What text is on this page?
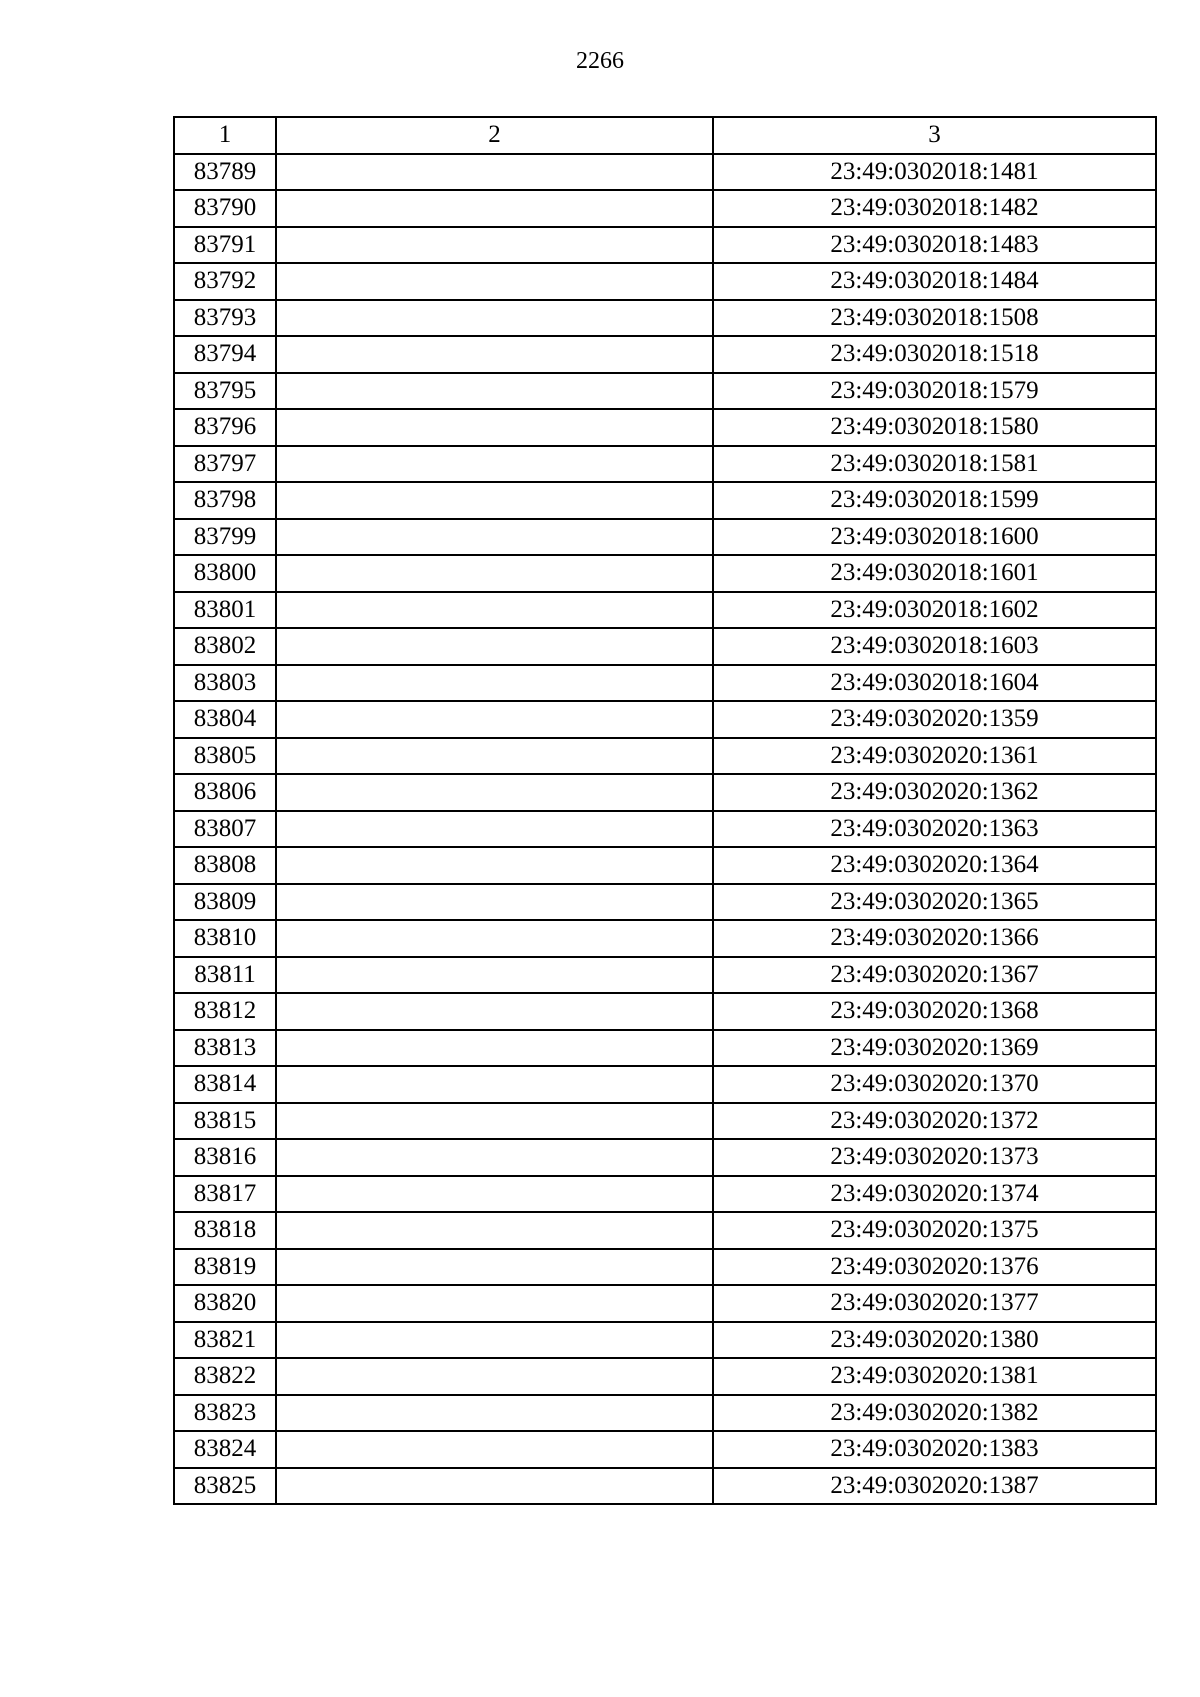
2266
1	2	3
83789		23:49:0302018:1481
83790		23:49:0302018:1482
83791		23:49:0302018:1483
83792		23:49:0302018:1484
83793		23:49:0302018:1508
83794		23:49:0302018:1518
83795		23:49:0302018:1579
83796		23:49:0302018:1580
83797		23:49:0302018:1581
83798		23:49:0302018:1599
83799		23:49:0302018:1600
83800		23:49:0302018:1601
83801		23:49:0302018:1602
83802		23:49:0302018:1603
83803		23:49:0302018:1604
83804		23:49:0302020:1359
83805		23:49:0302020:1361
83806		23:49:0302020:1362
83807		23:49:0302020:1363
83808		23:49:0302020:1364
83809		23:49:0302020:1365
83810		23:49:0302020:1366
83811		23:49:0302020:1367
83812		23:49:0302020:1368
83813		23:49:0302020:1369
83814		23:49:0302020:1370
83815		23:49:0302020:1372
83816		23:49:0302020:1373
83817		23:49:0302020:1374
83818		23:49:0302020:1375
83819		23:49:0302020:1376
83820		23:49:0302020:1377
83821		23:49:0302020:1380
83822		23:49:0302020:1381
83823		23:49:0302020:1382
83824		23:49:0302020:1383
83825		23:49:0302020:1387
